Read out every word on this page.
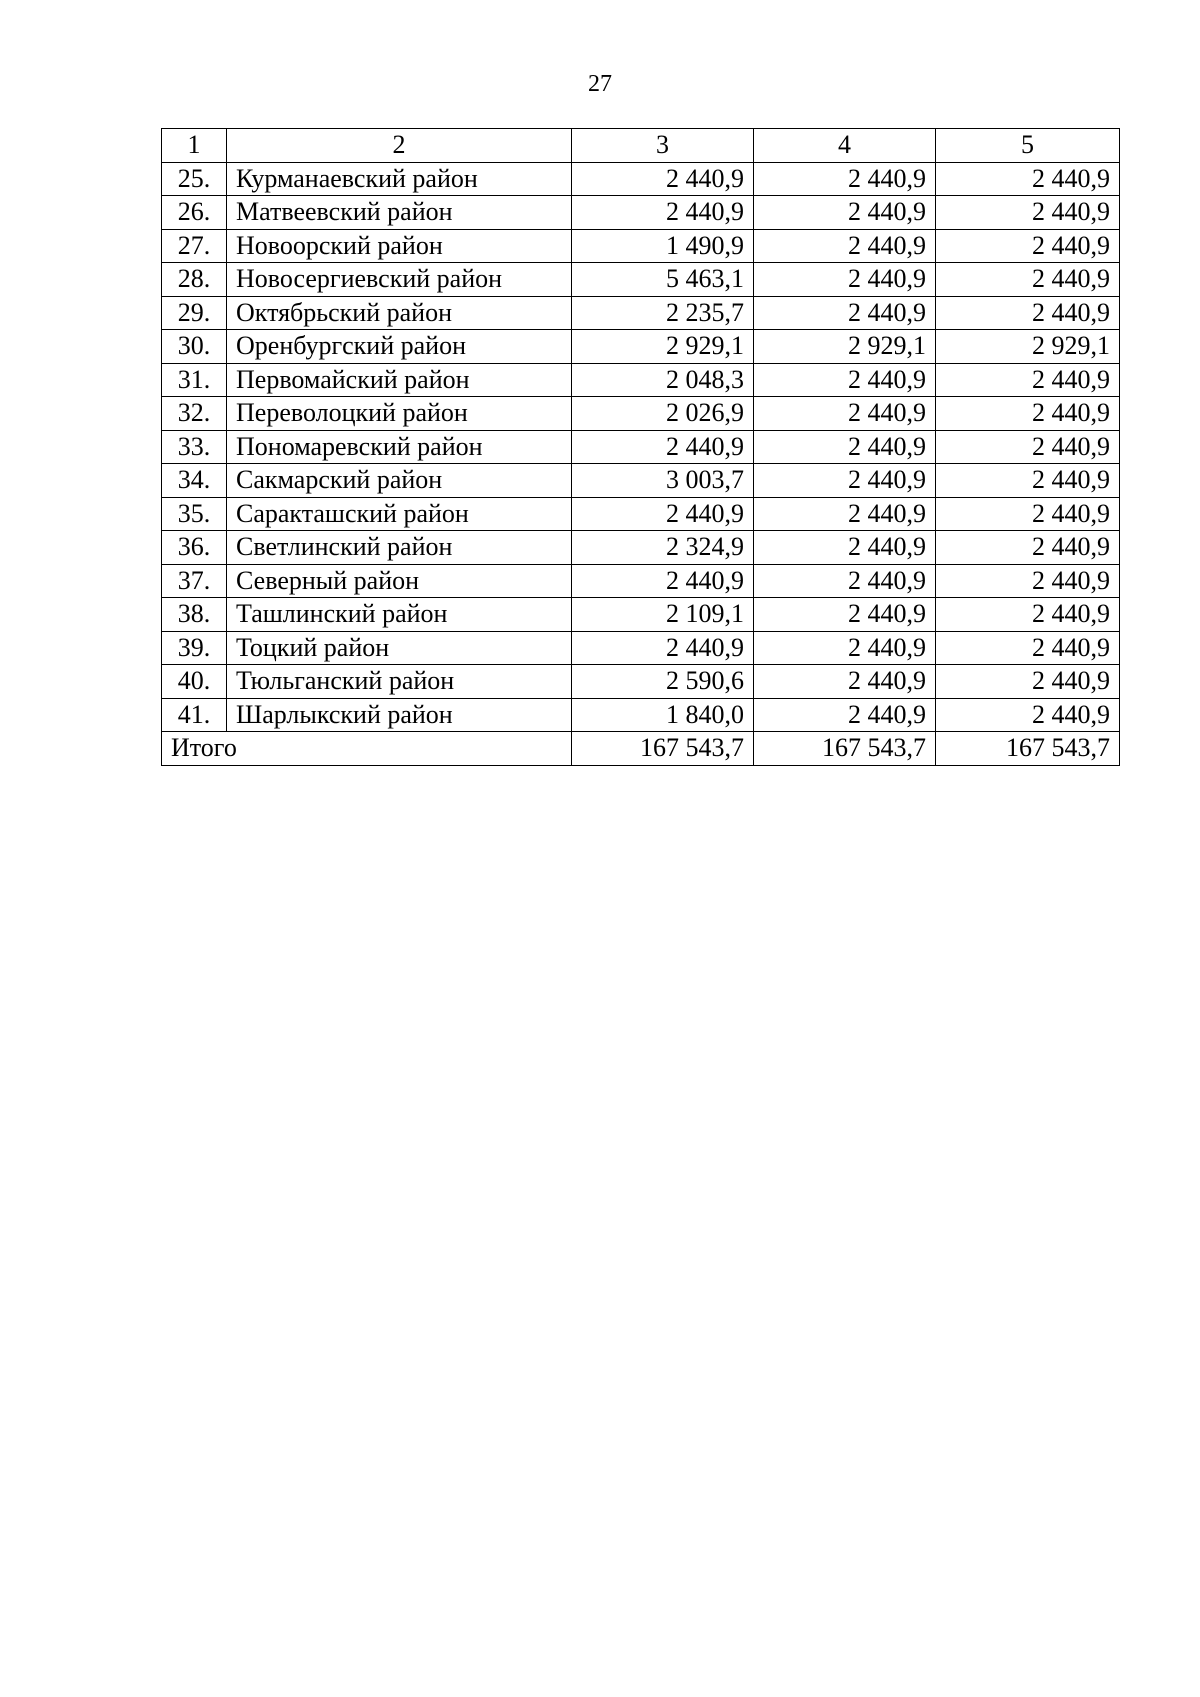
27
1	2	3	4	5
25.	Курманаевский район	2 440,9	2 440,9	2 440,9
26.	Матвеевский район	2 440,9	2 440,9	2 440,9
27.	Новоорский район	1 490,9	2 440,9	2 440,9
28.	Новосергиевский район	5 463,1	2 440,9	2 440,9
29.	Октябрьский район	2 235,7	2 440,9	2 440,9
30.	Оренбургский район	2 929,1	2 929,1	2 929,1
31.	Первомайский район	2 048,3	2 440,9	2 440,9
32.	Переволоцкий район	2 026,9	2 440,9	2 440,9
33.	Пономаревский район	2 440,9	2 440,9	2 440,9
34.	Сакмарский район	3 003,7	2 440,9	2 440,9
35.	Саракташский район	2 440,9	2 440,9	2 440,9
36.	Светлинский район	2 324,9	2 440,9	2 440,9
37.	Северный район	2 440,9	2 440,9	2 440,9
38.	Ташлинский район	2 109,1	2 440,9	2 440,9
39.	Тоцкий район	2 440,9	2 440,9	2 440,9
40.	Тюльганский район	2 590,6	2 440,9	2 440,9
41.	Шарлыкский район	1 840,0	2 440,9	2 440,9
Итого		167 543,7	167 543,7	167 543,7
